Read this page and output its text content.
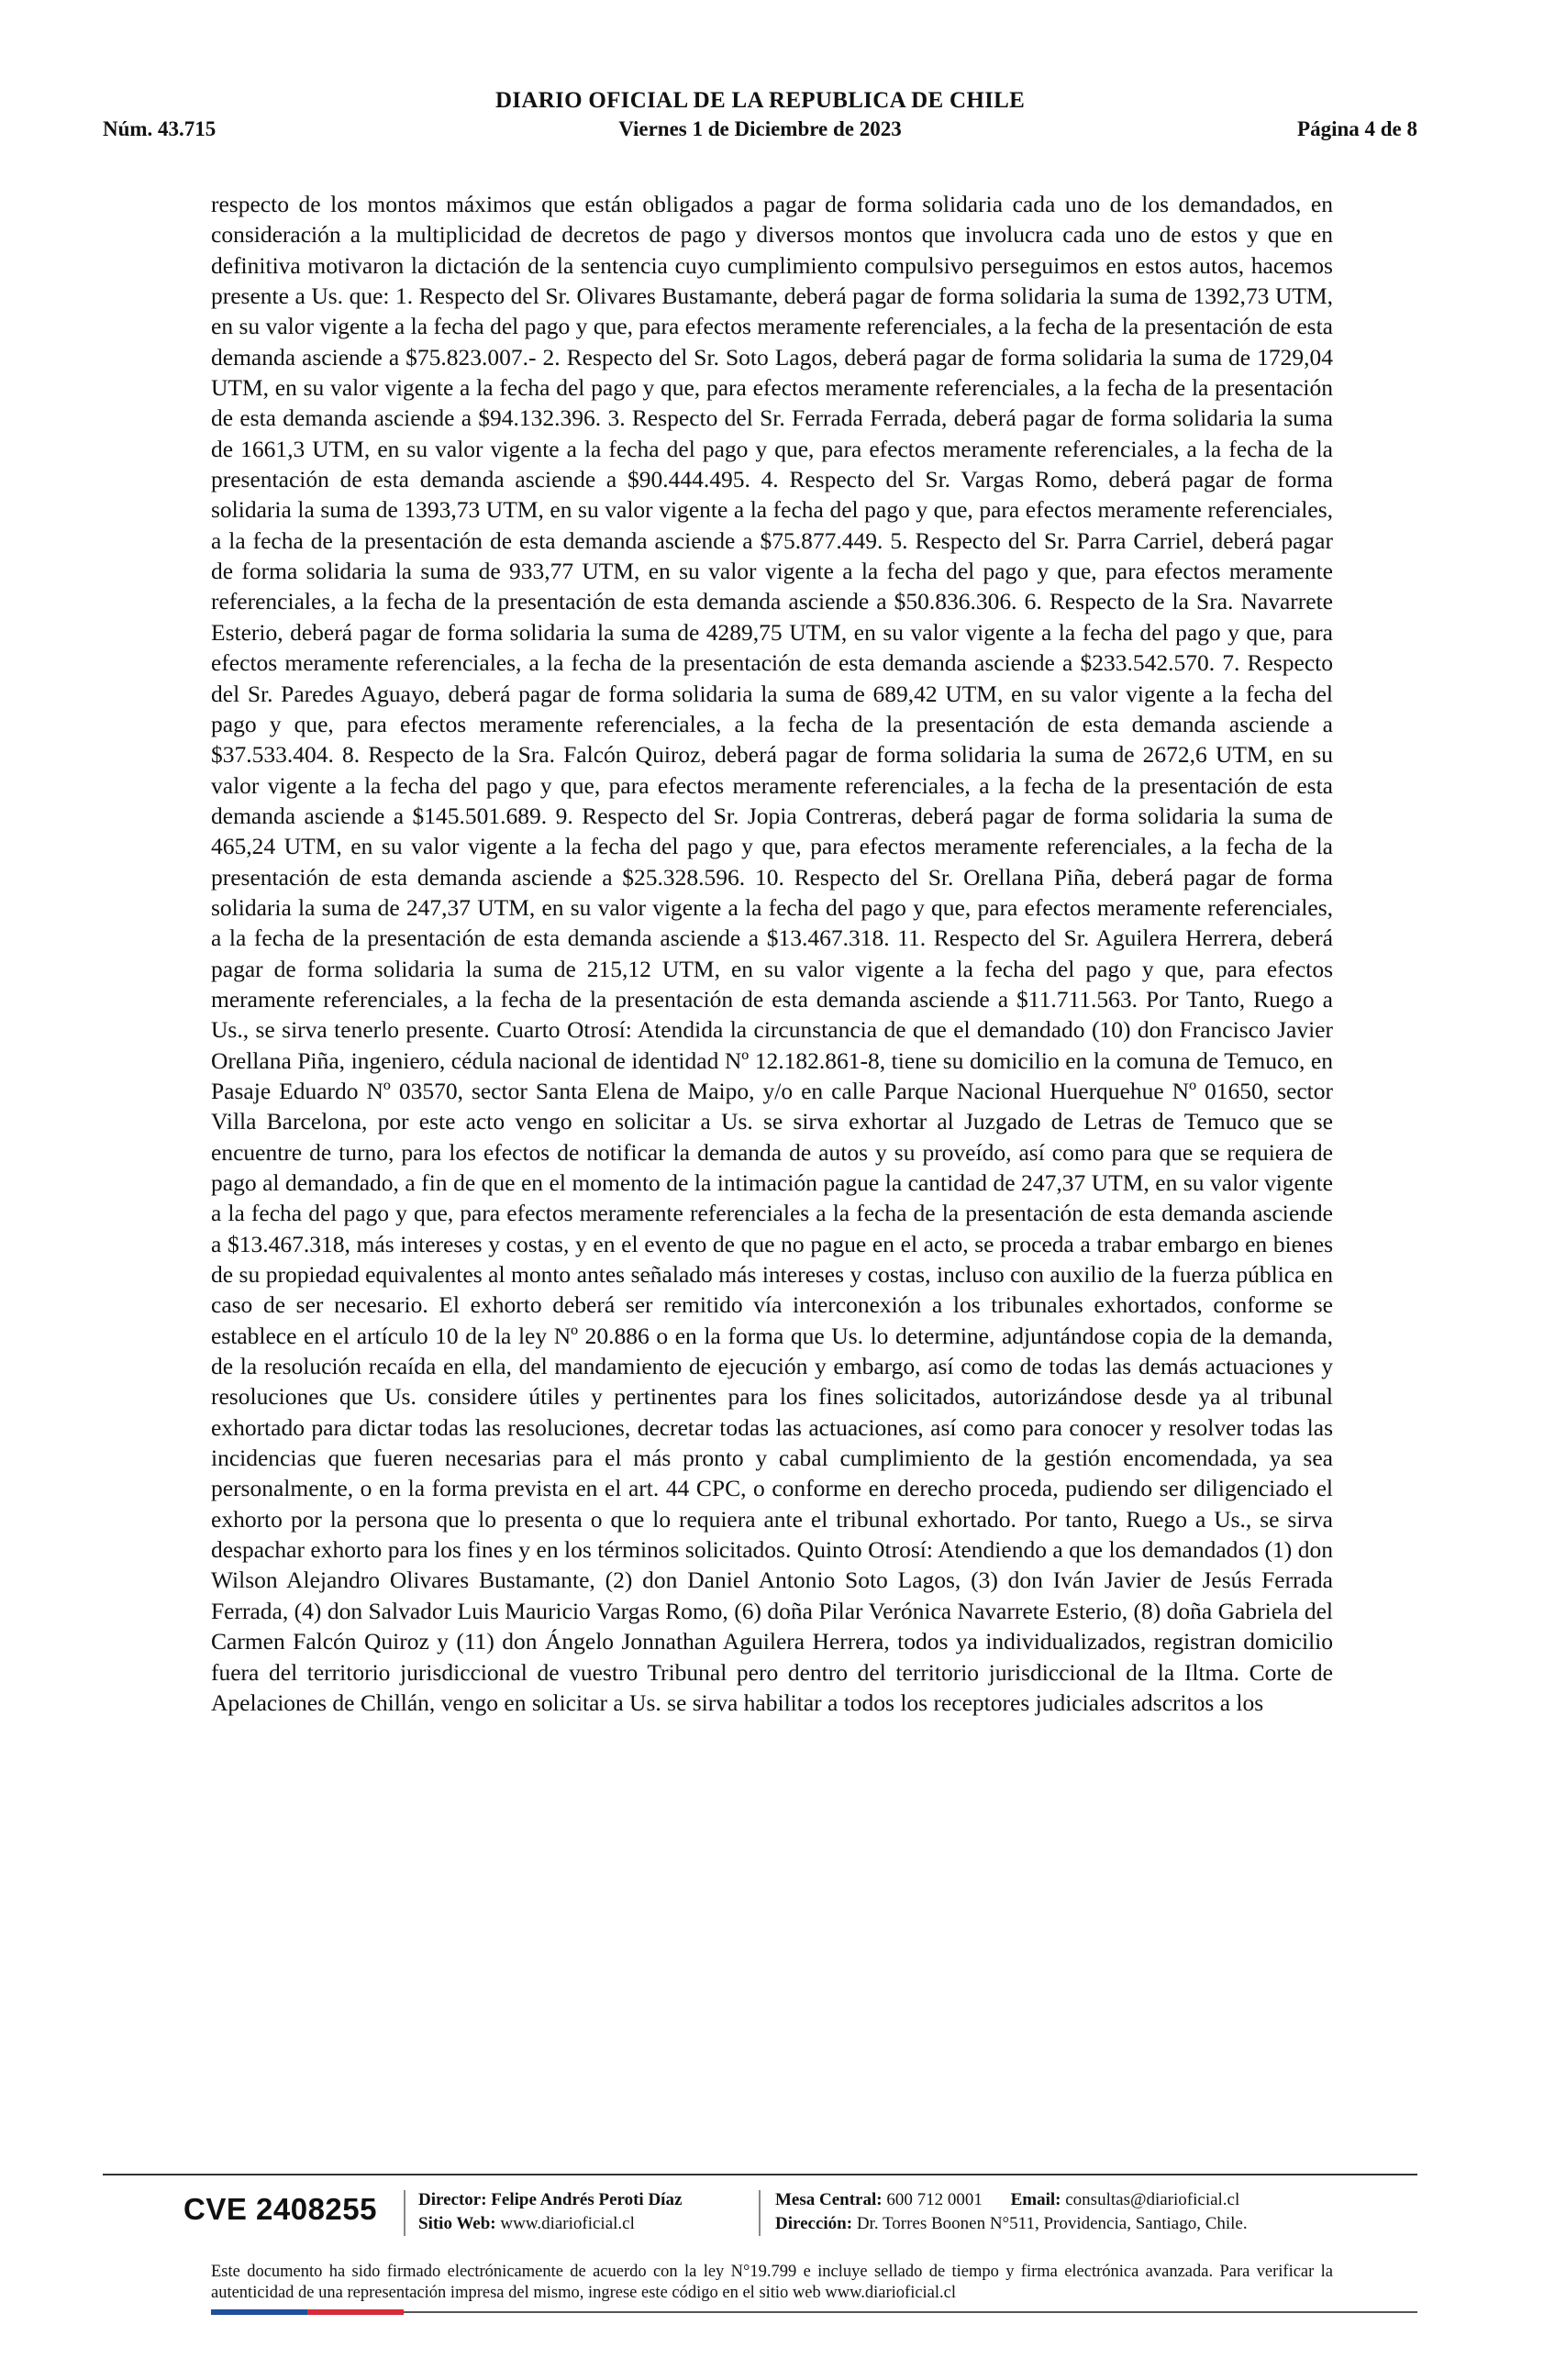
DIARIO OFICIAL DE LA REPUBLICA DE CHILE
Núm. 43.715	Viernes 1 de Diciembre de 2023	Página 4 de 8

respecto de los montos máximos que están obligados a pagar de forma solidaria cada uno de los demandados, en consideración a la multiplicidad de decretos de pago y diversos montos que involucra cada uno de estos y que en definitiva motivaron la dictación de la sentencia cuyo cumplimiento compulsivo perseguimos en estos autos, hacemos presente a Us. que: 1. Respecto del Sr. Olivares Bustamante, deberá pagar de forma solidaria la suma de 1392,73 UTM, en su valor vigente a la fecha del pago y que, para efectos meramente referenciales, a la fecha de la presentación de esta demanda asciende a $75.823.007.- 2. Respecto del Sr. Soto Lagos, deberá pagar de forma solidaria la suma de 1729,04 UTM, en su valor vigente a la fecha del pago y que, para efectos meramente referenciales, a la fecha de la presentación de esta demanda asciende a $94.132.396. 3. Respecto del Sr. Ferrada Ferrada, deberá pagar de forma solidaria la suma de 1661,3 UTM, en su valor vigente a la fecha del pago y que, para efectos meramente referenciales, a la fecha de la presentación de esta demanda asciende a $90.444.495. 4. Respecto del Sr. Vargas Romo, deberá pagar de forma solidaria la suma de 1393,73 UTM, en su valor vigente a la fecha del pago y que, para efectos meramente referenciales, a la fecha de la presentación de esta demanda asciende a $75.877.449. 5. Respecto del Sr. Parra Carriel, deberá pagar de forma solidaria la suma de 933,77 UTM, en su valor vigente a la fecha del pago y que, para efectos meramente referenciales, a la fecha de la presentación de esta demanda asciende a $50.836.306. 6. Respecto de la Sra. Navarrete Esterio, deberá pagar de forma solidaria la suma de 4289,75 UTM, en su valor vigente a la fecha del pago y que, para efectos meramente referenciales, a la fecha de la presentación de esta demanda asciende a $233.542.570. 7. Respecto del Sr. Paredes Aguayo, deberá pagar de forma solidaria la suma de 689,42 UTM, en su valor vigente a la fecha del pago y que, para efectos meramente referenciales, a la fecha de la presentación de esta demanda asciende a $37.533.404. 8. Respecto de la Sra. Falcón Quiroz, deberá pagar de forma solidaria la suma de 2672,6 UTM, en su valor vigente a la fecha del pago y que, para efectos meramente referenciales, a la fecha de la presentación de esta demanda asciende a $145.501.689. 9. Respecto del Sr. Jopia Contreras, deberá pagar de forma solidaria la suma de 465,24 UTM, en su valor vigente a la fecha del pago y que, para efectos meramente referenciales, a la fecha de la presentación de esta demanda asciende a $25.328.596. 10. Respecto del Sr. Orellana Piña, deberá pagar de forma solidaria la suma de 247,37 UTM, en su valor vigente a la fecha del pago y que, para efectos meramente referenciales, a la fecha de la presentación de esta demanda asciende a $13.467.318. 11. Respecto del Sr. Aguilera Herrera, deberá pagar de forma solidaria la suma de 215,12 UTM, en su valor vigente a la fecha del pago y que, para efectos meramente referenciales, a la fecha de la presentación de esta demanda asciende a $11.711.563. Por Tanto, Ruego a Us., se sirva tenerlo presente. Cuarto Otrosí: Atendida la circunstancia de que el demandado (10) don Francisco Javier Orellana Piña, ingeniero, cédula nacional de identidad Nº 12.182.861-8, tiene su domicilio en la comuna de Temuco, en Pasaje Eduardo Nº 03570, sector Santa Elena de Maipo, y/o en calle Parque Nacional Huerquehue Nº 01650, sector Villa Barcelona, por este acto vengo en solicitar a Us. se sirva exhortar al Juzgado de Letras de Temuco que se encuentre de turno, para los efectos de notificar la demanda de autos y su proveído, así como para que se requiera de pago al demandado, a fin de que en el momento de la intimación pague la cantidad de 247,37 UTM, en su valor vigente a la fecha del pago y que, para efectos meramente referenciales a la fecha de la presentación de esta demanda asciende a $13.467.318, más intereses y costas, y en el evento de que no pague en el acto, se proceda a trabar embargo en bienes de su propiedad equivalentes al monto antes señalado más intereses y costas, incluso con auxilio de la fuerza pública en caso de ser necesario. El exhorto deberá ser remitido vía interconexión a los tribunales exhortados, conforme se establece en el artículo 10 de la ley Nº 20.886 o en la forma que Us. lo determine, adjuntándose copia de la demanda, de la resolución recaída en ella, del mandamiento de ejecución y embargo, así como de todas las demás actuaciones y resoluciones que Us. considere útiles y pertinentes para los fines solicitados, autorizándose desde ya al tribunal exhortado para dictar todas las resoluciones, decretar todas las actuaciones, así como para conocer y resolver todas las incidencias que fueren necesarias para el más pronto y cabal cumplimiento de la gestión encomendada, ya sea personalmente, o en la forma prevista en el art. 44 CPC, o conforme en derecho proceda, pudiendo ser diligenciado el exhorto por la persona que lo presenta o que lo requiera ante el tribunal exhortado. Por tanto, Ruego a Us., se sirva despachar exhorto para los fines y en los términos solicitados. Quinto Otrosí: Atendiendo a que los demandados (1) don Wilson Alejandro Olivares Bustamante, (2) don Daniel Antonio Soto Lagos, (3) don Iván Javier de Jesús Ferrada Ferrada, (4) don Salvador Luis Mauricio Vargas Romo, (6) doña Pilar Verónica Navarrete Esterio, (8) doña Gabriela del Carmen Falcón Quiroz y (11) don Ángelo Jonnathan Aguilera Herrera, todos ya individualizados, registran domicilio fuera del territorio jurisdiccional de vuestro Tribunal pero dentro del territorio jurisdiccional de la Iltma. Corte de Apelaciones de Chillán, vengo en solicitar a Us. se sirva habilitar a todos los receptores judiciales adscritos a los

CVE 2408255 Director: Felipe Andrés Peroti Díaz
Sitio Web: www.diarioficial.cl
Mesa Central: 600 712 0001 Email: consultas@diarioficial.cl
Dirección: Dr. Torres Boonen N°511, Providencia, Santiago, Chile.
Este documento ha sido firmado electrónicamente de acuerdo con la ley N°19.799 e incluye sellado de tiempo y firma electrónica avanzada. Para verificar la autenticidad de una representación impresa del mismo, ingrese este código en el sitio web www.diarioficial.cl
